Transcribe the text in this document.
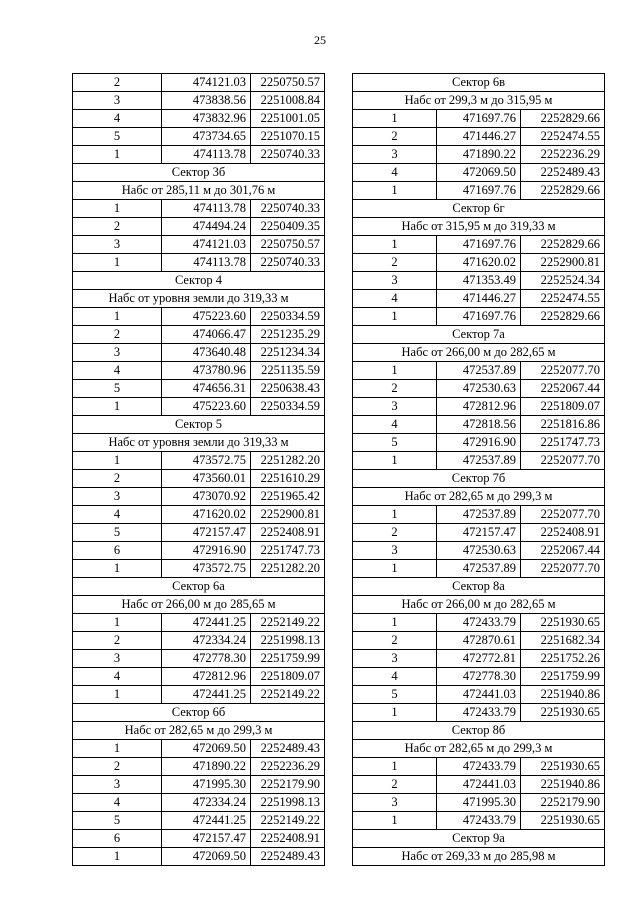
25
2	474121.03	2250750.57
3	473838.56	2251008.84
4	473832.96	2251001.05
5	473734.65	2251070.15
1	474113.78	2250740.33
Сектор 3б		
Набс от 285,11 м до 301,76 м		
1	474113.78	2250740.33
2	474494.24	2250409.35
3	474121.03	2250750.57
1	474113.78	2250740.33
Сектор 4		
Набс от уровня земли до 319,33 м		
1	475223.60	2250334.59
2	474066.47	2251235.29
3	473640.48	2251234.34
4	473780.96	2251135.59
5	474656.31	2250638.43
1	475223.60	2250334.59
Сектор 5		
Набс от уровня земли до 319,33 м		
1	473572.75	2251282.20
2	473560.01	2251610.29
3	473070.92	2251965.42
4	471620.02	2252900.81
5	472157.47	2252408.91
6	472916.90	2251747.73
1	473572.75	2251282.20
Сектор 6а		
Набс от 266,00 м до 285,65 м		
1	472441.25	2252149.22
2	472334.24	2251998.13
3	472778.30	2251759.99
4	472812.96	2251809.07
1	472441.25	2252149.22
Сектор 6б		
Набс от 282,65 м до 299,3 м		
1	472069.50	2252489.43
2	471890.22	2252236.29
3	471995.30	2252179.90
4	472334.24	2251998.13
5	472441.25	2252149.22
6	472157.47	2252408.91
1	472069.50	2252489.43
Сектор 6в		
Набс от 299,3 м до 315,95 м		
1	471697.76	2252829.66
2	471446.27	2252474.55
3	471890.22	2252236.29
4	472069.50	2252489.43
1	471697.76	2252829.66
Сектор 6г		
Набс от 315,95 м до 319,33 м		
1	471697.76	2252829.66
2	471620.02	2252900.81
3	471353.49	2252524.34
4	471446.27	2252474.55
1	471697.76	2252829.66
Сектор 7а		
Набс от 266,00 м до 282,65 м		
1	472537.89	2252077.70
2	472530.63	2252067.44
3	472812.96	2251809.07
4	472818.56	2251816.86
5	472916.90	2251747.73
1	472537.89	2252077.70
Сектор 7б		
Набс от 282,65 м до 299,3 м		
1	472537.89	2252077.70
2	472157.47	2252408.91
3	472530.63	2252067.44
1	472537.89	2252077.70
Сектор 8а		
Набс от 266,00 м до 282,65 м		
1	472433.79	2251930.65
2	472870.61	2251682.34
3	472772.81	2251752.26
4	472778.30	2251759.99
5	472441.03	2251940.86
1	472433.79	2251930.65
Сектор 8б		
Набс от 282,65 м до 299,3 м		
1	472433.79	2251930.65
2	472441.03	2251940.86
3	471995.30	2252179.90
1	472433.79	2251930.65
Сектор 9а		
Набс от 269,33 м до 285,98 м		
